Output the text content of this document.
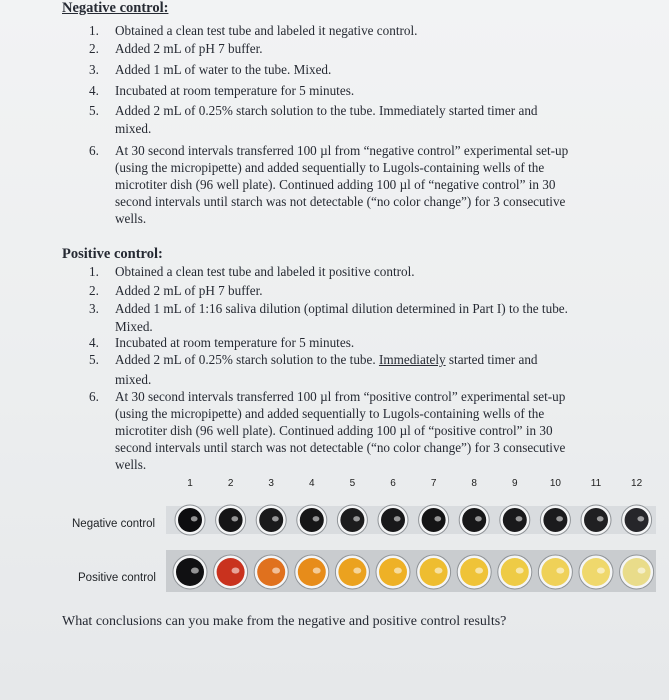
Negative control:
1. Obtained a clean test tube and labeled it negative control.
2. Added 2 mL of pH 7 buffer.
3. Added 1 mL of water to the tube. Mixed.
4. Incubated at room temperature for 5 minutes.
5. Added 2 mL of 0.25% starch solution to the tube. Immediately started timer and
mixed.
6. At 30 second intervals transferred 100 µl from “negative control” experimental set-up
(using the micropipette) and added sequentially to Lugols-containing wells of the
microtiter dish (96 well plate). Continued adding 100 µl of “negative control” in 30
second intervals until starch was not detectable (“no color change”) for 3 consecutive
wells.
Positive control:
1. Obtained a clean test tube and labeled it positive control.
2. Added 2 mL of pH 7 buffer.
3. Added 1 mL of 1:16 saliva dilution (optimal dilution determined in Part I) to the tube.
Mixed.
4. Incubated at room temperature for 5 minutes.
5. Added 2 mL of 0.25% starch solution to the tube. Immediately started timer and
mixed.
6. At 30 second intervals transferred 100 µl from “positive control” experimental set-up
(using the micropipette) and added sequentially to Lugols-containing wells of the
microtiter dish (96 well plate). Continued adding 100 µl of “positive control” in 30
second intervals until starch was not detectable (“no color change”) for 3 consecutive
wells.
1	2	3	4	5	6	7	8	9	10	11	12
Negative control
Positive control
What conclusions can you make from the negative and positive control results?
